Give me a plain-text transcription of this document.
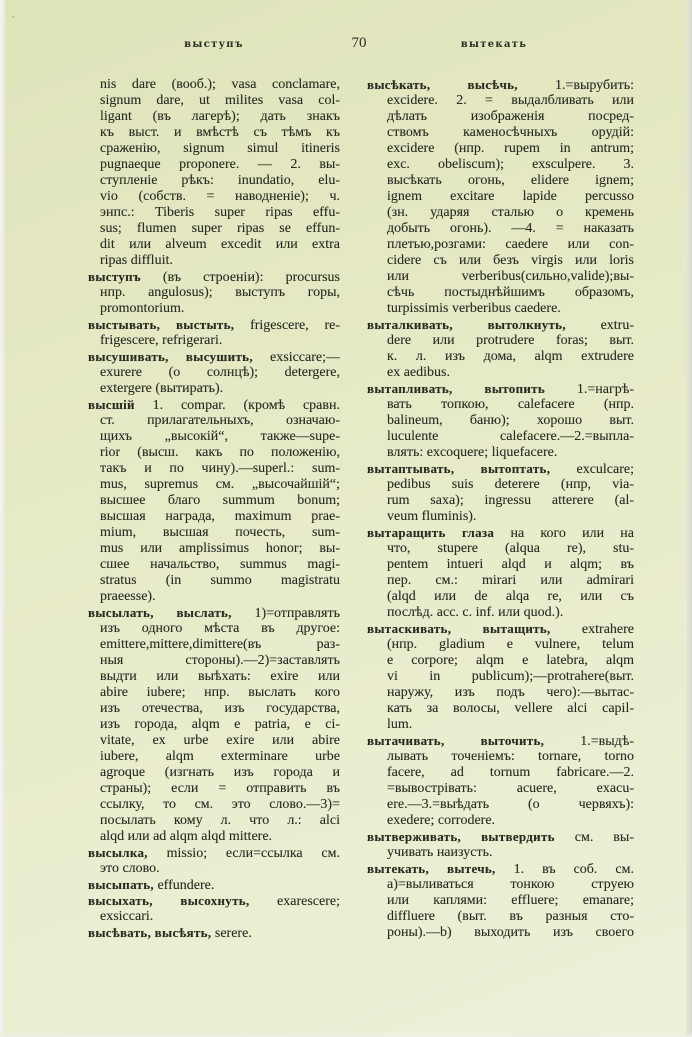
выступъ	70	вытекать
nis dare (вооб.); vasa conclamare,
signum dare, ut milites vasa col-
ligant (въ лагерѣ); дать знакъ
къ выст. и вмѣстѣ съ тѣмъ къ
сраженiю, signum simul itineris
pugnaeque proponere. — 2. вы-
ступленiе рѣкъ: inundatio, elu-
vio (собств. = наводненiе); ч.
энпс.: Tiberis super ripas effu-
sus; flumen super ripas se effun-
dit или alveum excedit или extra
ripas diffluit.
выступъ (въ строенiи): procursus
нпр. angulosus); выступъ горы,
promontorium.
выстывать, выстыть, frigescere, re-
frigescere, refrigerari.
высушивать, высушить, exsiccare;—
exurere (о солнцѣ); detergere,
extergere (вытирать).
высшiй 1. compar. (кромѣ сравн.
ст. прилагательныхъ, означаю-
щихъ „высокiй“, также—supe-
rior (высш. какъ по положенiю,
такъ и по чину).—superl.: sum-
mus, supremus см. „высочайшiй“;
высшее благо summum bonum;
высшая награда, maximum prae-
mium, высшая почесть, sum-
mus или amplissimus honor; вы-
сшее начальство, summus magi-
stratus (in summo magistratu
praeesse).
высылать, выслать, 1)=отправлять
изъ одного мѣста въ другое:
emittere,mittere,dimittere(въ раз-
ныя стороны).—2)=заставлять
выдти или выѣхать: exire или
abire iubere; нпр. выслать кого
изъ отечества, изъ государства,
изъ города, alqm e patria, e ci-
vitate, ex urbe exire или abire
iubere, alqm exterminare urbe
agroque (изгнать изъ города и
страны); если = отправить въ
ссылку, то см. это слово.—3)=
посылать кому л. что л.: alci
alqd или ad alqm alqd mittere.
высылка, missio; если=ссылка см.
это слово.
высыпать, effundere.
высыхать, высохнуть, exarescere;
exsiccari.
высѣвать, высѣять, serere.
высѣкать, высѣчь,	1.=вырубить:
excidere. 2. = выдалбливать или
дѣлать изображенiя посред-
ствомъ каменосѣчныхъ орудiй:
excidere (нпр. rupem in antrum;
exc. obeliscum); exsculpere. 3.
высѣкать огонь, elidere ignem;
ignem excitare lapide percusso
(зн. ударяя сталью о кремень
добыть огонь). —4. = наказать
плетью,розгами: caedere или con-
cidere съ или безъ virgis или loris
или verberibus(сильно,valide);вы-
сѣчь постыднѣйшимъ образомъ,
turpissimis verberibus caedere.
выталкивать, вытолкнуть, extru-
dere или protrudere foras; выт.
к. л. изъ дома, alqm extrudere
ex aedibus.
вытапливать, вытопить 1.=нагрѣ-
вать топкою, calefacere (нпр.
balineum, баню); хорошо выт.
luculente calefacere.—2.=выпла-
влять: excoquere; liquefacere.
вытаптывать, вытоптать, exculcare;
pedibus suis deterere (нпр, via-
rum saxa); ingressu atterere (al-
veum fluminis).
вытаращить глаза на кого или на
что, stupere (alqua re), stu-
pentem intueri alqd и alqm; въ
пер. см.: mirari или admirari
(alqd или de alqa re, или съ
послѣд. acc. c. inf. или quod.).
вытаскивать, вытащить, extrahere
(нпр. gladium e vulnere, telum
e corpore; alqm e latebra, alqm
vi in publicum);—protrahere(выт.
наружу, изъ подъ чего):—вытас-
кать за волосы, vellere alci capil-
lum.
вытачивать, выточить,	1.=выдѣ-
лывать точенiемъ: tornare, torno
facere, ad tornum fabricare.—2.
=вывострiвать: acuere, exacu-
ere.—3.=выѣдать (о червяхъ):
exedere; corrodere.
вытверживать, вытвердить см. вы-
учивать наизусть.
вытекать, вытечь, 1. въ соб. см.
а)=выливаться тонкою струею
или каплями: effluere; emanare;
diffluere (выт. въ разныя сто-
роны).—b) выходить изъ своего
